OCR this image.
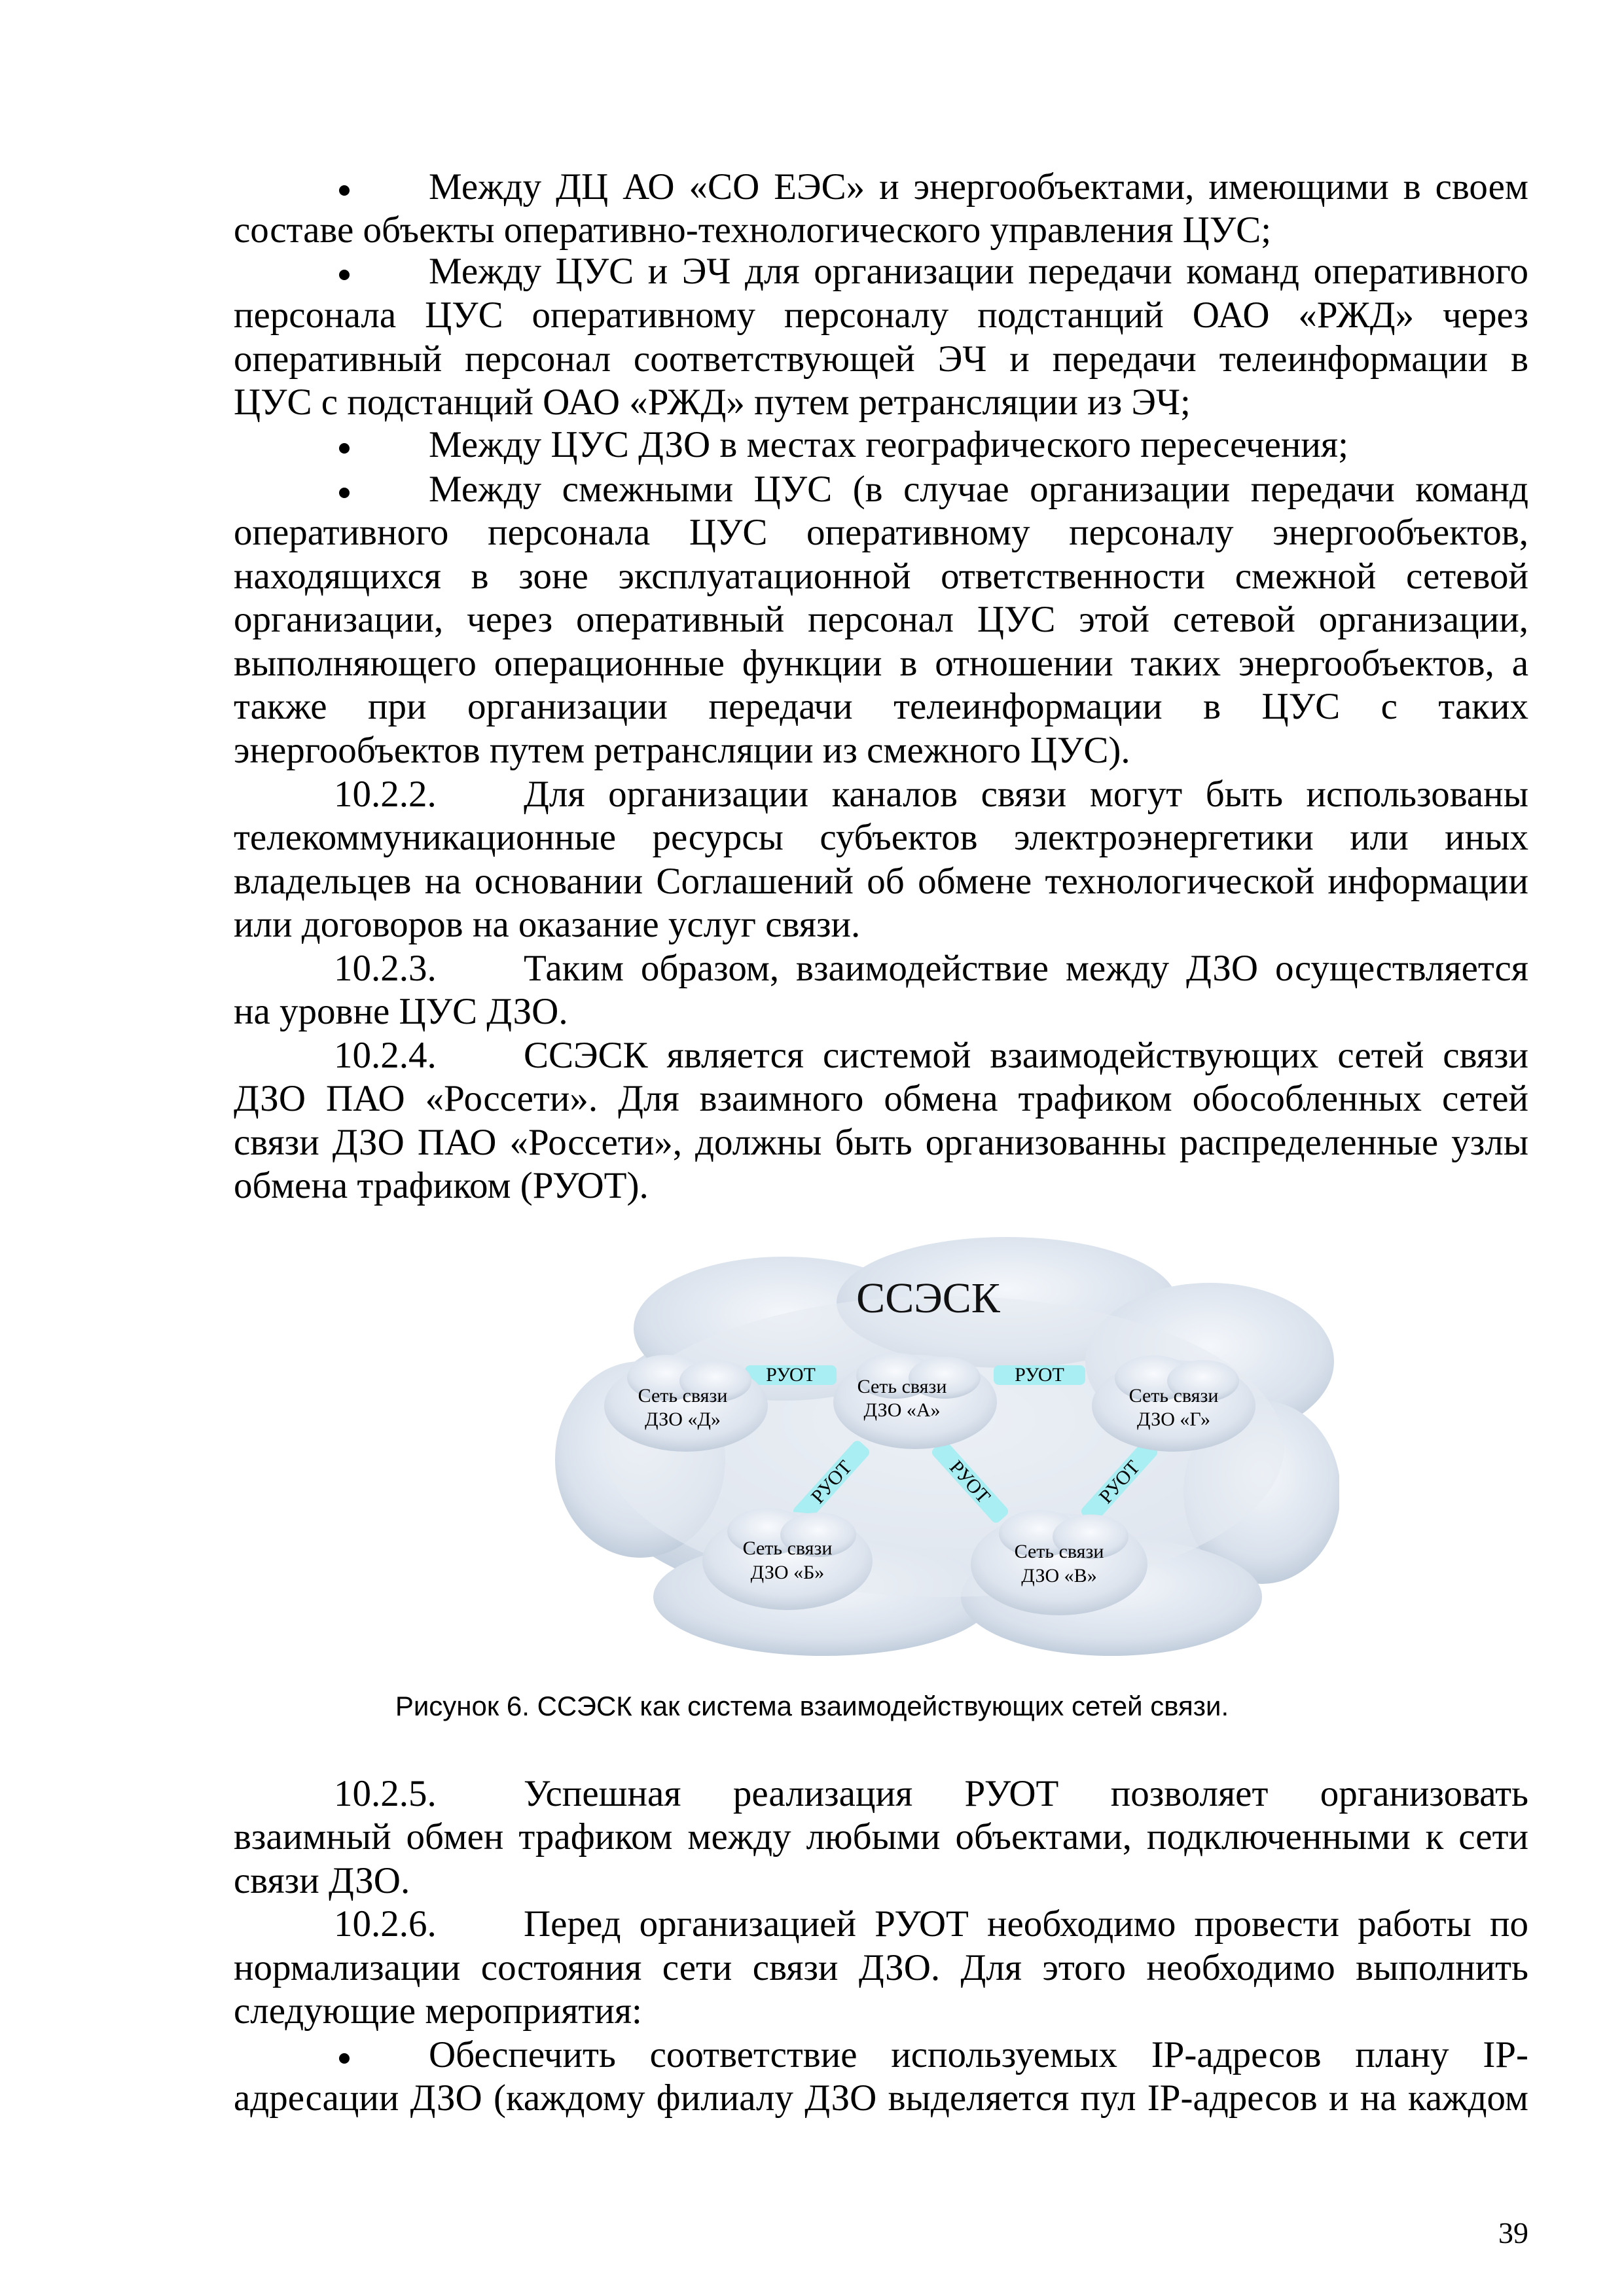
Между ДЦ АО «СО ЕЭС» и энергообъектами, имеющими в своем
составе объекты оперативно-технологического управления ЦУС;
Между ЦУС и ЭЧ для организации передачи команд оперативного
персонала ЦУС оперативному персоналу подстанций ОАО «РЖД» через
оперативный персонал соответствующей ЭЧ и передачи телеинформации в
ЦУС с подстанций ОАО «РЖД» путем ретрансляции из ЭЧ;
Между ЦУС ДЗО в местах географического пересечения;
Между смежными ЦУС (в случае организации передачи команд
оперативного персонала ЦУС оперативному персоналу энергообъектов,
находящихся в зоне эксплуатационной ответственности смежной сетевой
организации, через оперативный персонал ЦУС этой сетевой организации,
выполняющего операционные функции в отношении таких энергообъектов, а
также при организации передачи телеинформации в ЦУС с таких
энергообъектов путем ретрансляции из смежного ЦУС).
10.2.2. Для организации каналов связи могут быть использованы
телекоммуникационные ресурсы субъектов электроэнергетики или иных
владельцев на основании Соглашений об обмене технологической информации
или договоров на оказание услуг связи.
10.2.3. Таким образом, взаимодействие между ДЗО осуществляется
на уровне ЦУС ДЗО.
10.2.4. ССЭСК является системой взаимодействующих сетей связи
ДЗО ПАО «Россети». Для взаимного обмена трафиком обособленных сетей
связи ДЗО ПАО «Россети», должны быть организованны распределенные узлы
обмена трафиком (РУОТ).
ССЭСК
РУОТ	РУОТ
РУОТ	РУОТ	РУОТ
Сеть связи
ДЗО «Д»
Сеть связи
ДЗО «А»
Сеть связи
ДЗО «Г»
Сеть связи
ДЗО «Б»
Сеть связи
ДЗО «В»
Рисунок 6. ССЭСК как система взаимодействующих сетей связи.
10.2.5. Успешная реализация РУОТ позволяет организовать
взаимный обмен трафиком между любыми объектами, подключенными к сети
связи ДЗО.
10.2.6. Перед организацией РУОТ необходимо провести работы по
нормализации состояния сети связи ДЗО. Для этого необходимо выполнить
следующие мероприятия:
Обеспечить соответствие используемых IP-адресов плану IP-
адресации ДЗО (каждому филиалу ДЗО выделяется пул IP-адресов и на каждом
39
